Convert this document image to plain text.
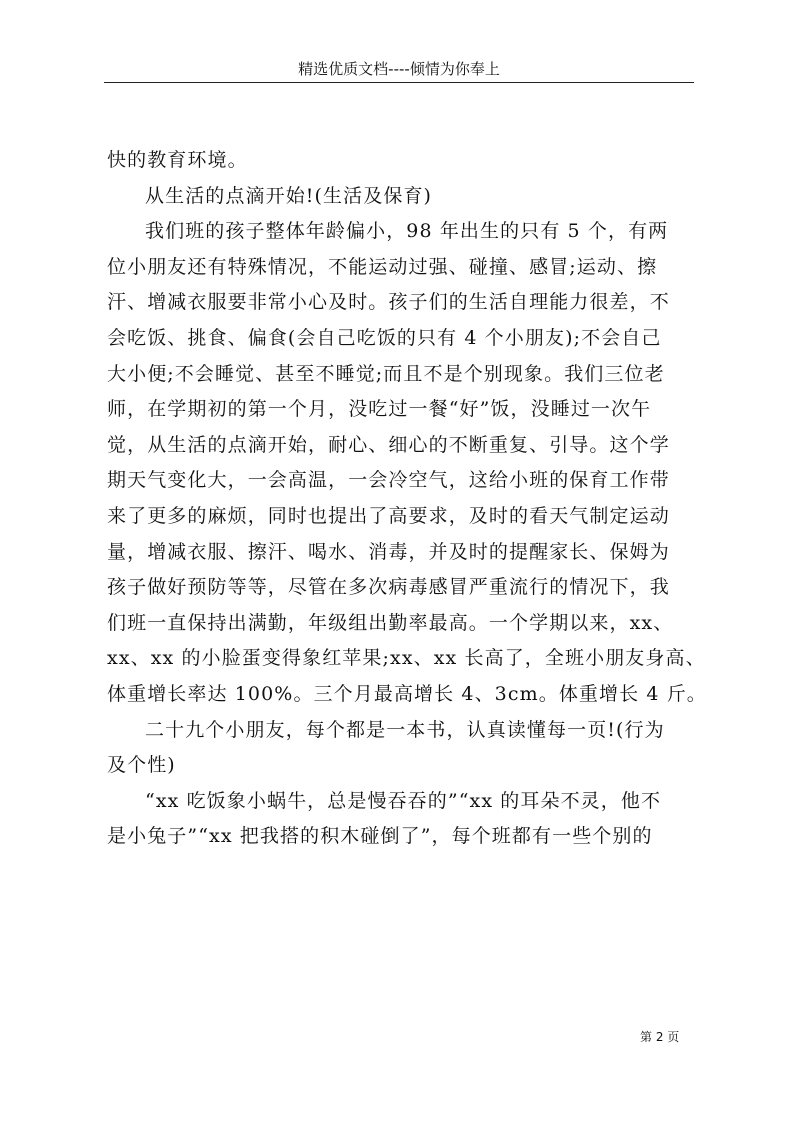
精选优质文档----倾情为你奉上
快的教育环境。
从生活的点滴开始!(生活及保育)
我们班的孩子整体年龄偏小，98 年出生的只有 5 个，有两
位小朋友还有特殊情况，不能运动过强、碰撞、感冒;运动、擦
汗、增减衣服要非常小心及时。孩子们的生活自理能力很差，不
会吃饭、挑食、偏食(会自己吃饭的只有 4 个小朋友);不会自己
大小便;不会睡觉、甚至不睡觉;而且不是个别现象。我们三位老
师，在学期初的第一个月，没吃过一餐“好”饭，没睡过一次午
觉，从生活的点滴开始，耐心、细心的不断重复、引导。这个学
期天气变化大，一会高温，一会冷空气，这给小班的保育工作带
来了更多的麻烦，同时也提出了高要求，及时的看天气制定运动
量，增减衣服、擦汗、喝水、消毒，并及时的提醒家长、保姆为
孩子做好预防等等，尽管在多次病毒感冒严重流行的情况下，我
们班一直保持出满勤，年级组出勤率最高。一个学期以来，xx、
xx、xx 的小脸蛋变得象红苹果;xx、xx 长高了，全班小朋友身高、
体重增长率达 100%。三个月最高增长 4、3cm。体重增长 4 斤。
二十九个小朋友，每个都是一本书，认真读懂每一页!(行为
及个性)
“xx 吃饭象小蜗牛，总是慢吞吞的”“xx 的耳朵不灵，他不
是小兔子”“xx 把我搭的积木碰倒了”，每个班都有一些个别的
第 2 页
